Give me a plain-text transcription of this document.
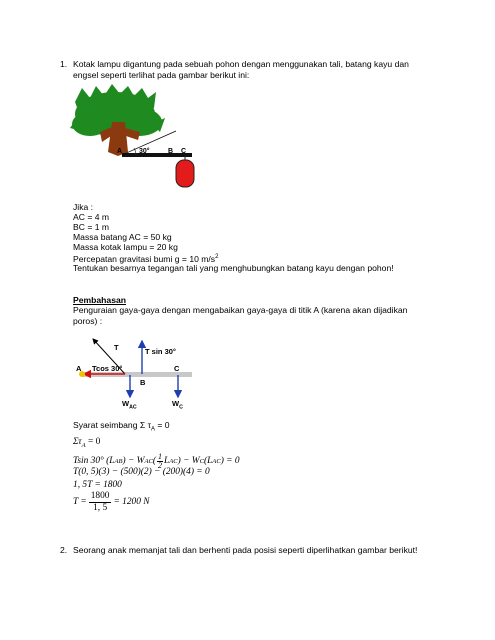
1. Kotak lampu digantung pada sebuah pohon dengan menggunakan tali, batang kayu dan
engsel seperti terlihat pada gambar berikut ini:
A 30°	B C
Jika :
AC = 4 m
BC = 1 m
Massa batang AC = 50 kg
Massa kotak lampu = 20 kg
Percepatan gravitasi bumi g = 10 $m/s^2$
Tentukan besarnya tegangan tali yang menghubungkan batang kayu dengan pohon!
Pembahasan
Penguraian gaya-gaya dengan mengabaikan gaya-gaya di titik A (karena akan dijadikan
poros) :
T	T sin 30°
A Tcos 30°
B
C
$W_{AC}$	$W_C$
Syarat seimbang Σ $\tau_A = 0$
$\Sigma\tau_A = 0$
Tsin 30° (L AB ) − W AC ( 1
2 L AC ) − W C (L AC ) = 0
T(0, 5)(3) − (500)(2) − (200)(4) = 0
1, 5T = 1800
$T = \frac{1800}{1, 5} = 1200$ N
2. Seorang anak memanjat tali dan berhenti pada posisi seperti diperlihatkan gambar berikut!
